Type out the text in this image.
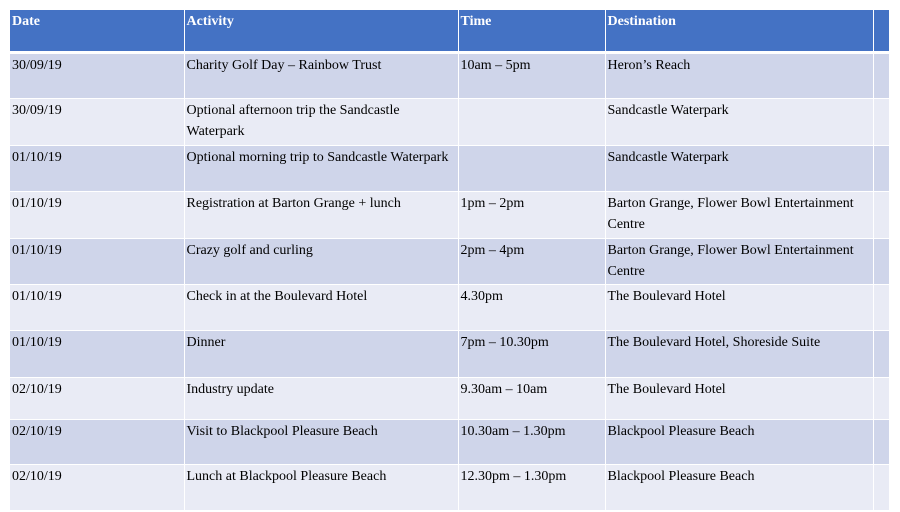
Date	Activity	Time	Destination	
30/09/19	Charity Golf Day – Rainbow Trust	10am – 5pm	Heron’s Reach	
30/09/19	Optional afternoon trip the Sandcastle Waterpark		Sandcastle Waterpark	
01/10/19	Optional morning trip to Sandcastle Waterpark		Sandcastle Waterpark	
01/10/19	Registration at Barton Grange + lunch	1pm – 2pm	Barton Grange, Flower Bowl Entertainment Centre	
01/10/19	Crazy golf and curling	2pm – 4pm	Barton Grange, Flower Bowl Entertainment Centre	
01/10/19	Check in at the Boulevard Hotel	4.30pm	The Boulevard Hotel	
01/10/19	Dinner	7pm – 10.30pm	The Boulevard Hotel, Shoreside Suite	
02/10/19	Industry update	9.30am – 10am	The Boulevard Hotel	
02/10/19	Visit to Blackpool Pleasure Beach	10.30am – 1.30pm	Blackpool Pleasure Beach	
02/10/19	Lunch at Blackpool Pleasure Beach	12.30pm – 1.30pm	Blackpool Pleasure Beach	
